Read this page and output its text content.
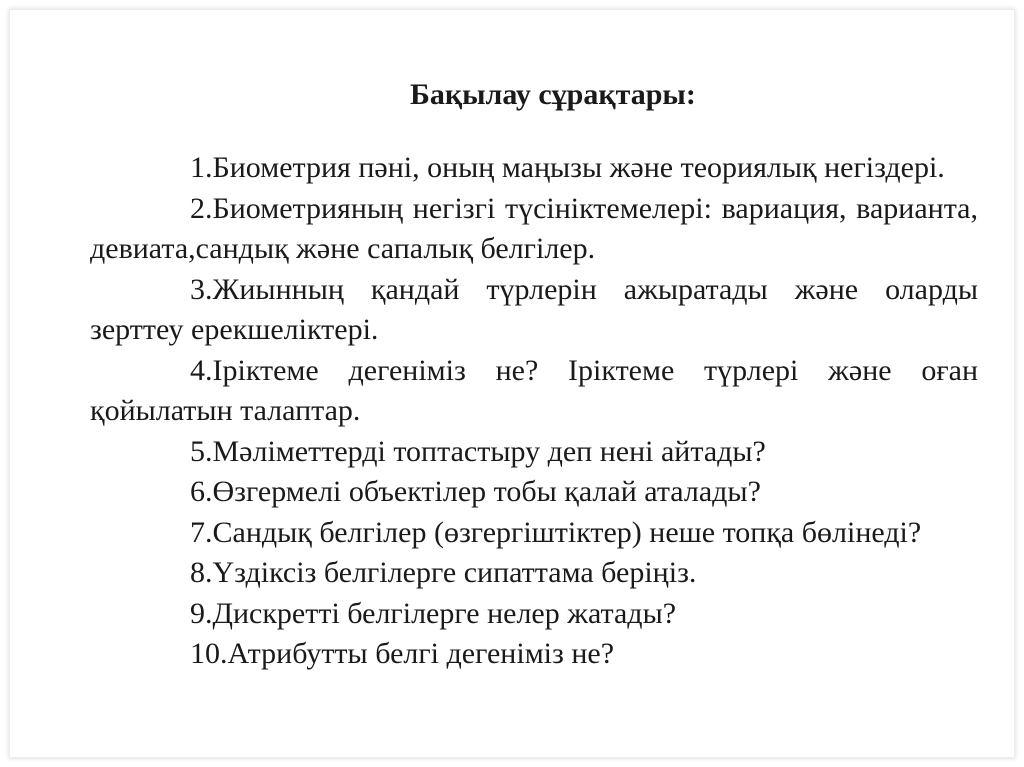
Бақылау сұрақтары:
1.Биометрия пәні, оның маңызы және теориялық негіздері.
2.Биометрияның негізгі түсініктемелері: вариация, варианта, девиата,сандық және сапалық белгілер.
3.Жиынның қандай түрлерін ажыратады және оларды зерттеу ерекшеліктері.
4.Іріктеме дегеніміз не? Іріктеме түрлері және оған қойылатын талаптар.
5.Мәліметтерді топтастыру деп нені айтады?
6.Өзгермелі объектілер тобы қалай аталады?
7.Сандық белгілер (өзгергіштіктер) неше топқа бөлінеді?
8.Үздіксіз белгілерге сипаттама беріңіз.
9.Дискретті белгілерге нелер жатады?
10.Атрибутты белгі дегеніміз не?
